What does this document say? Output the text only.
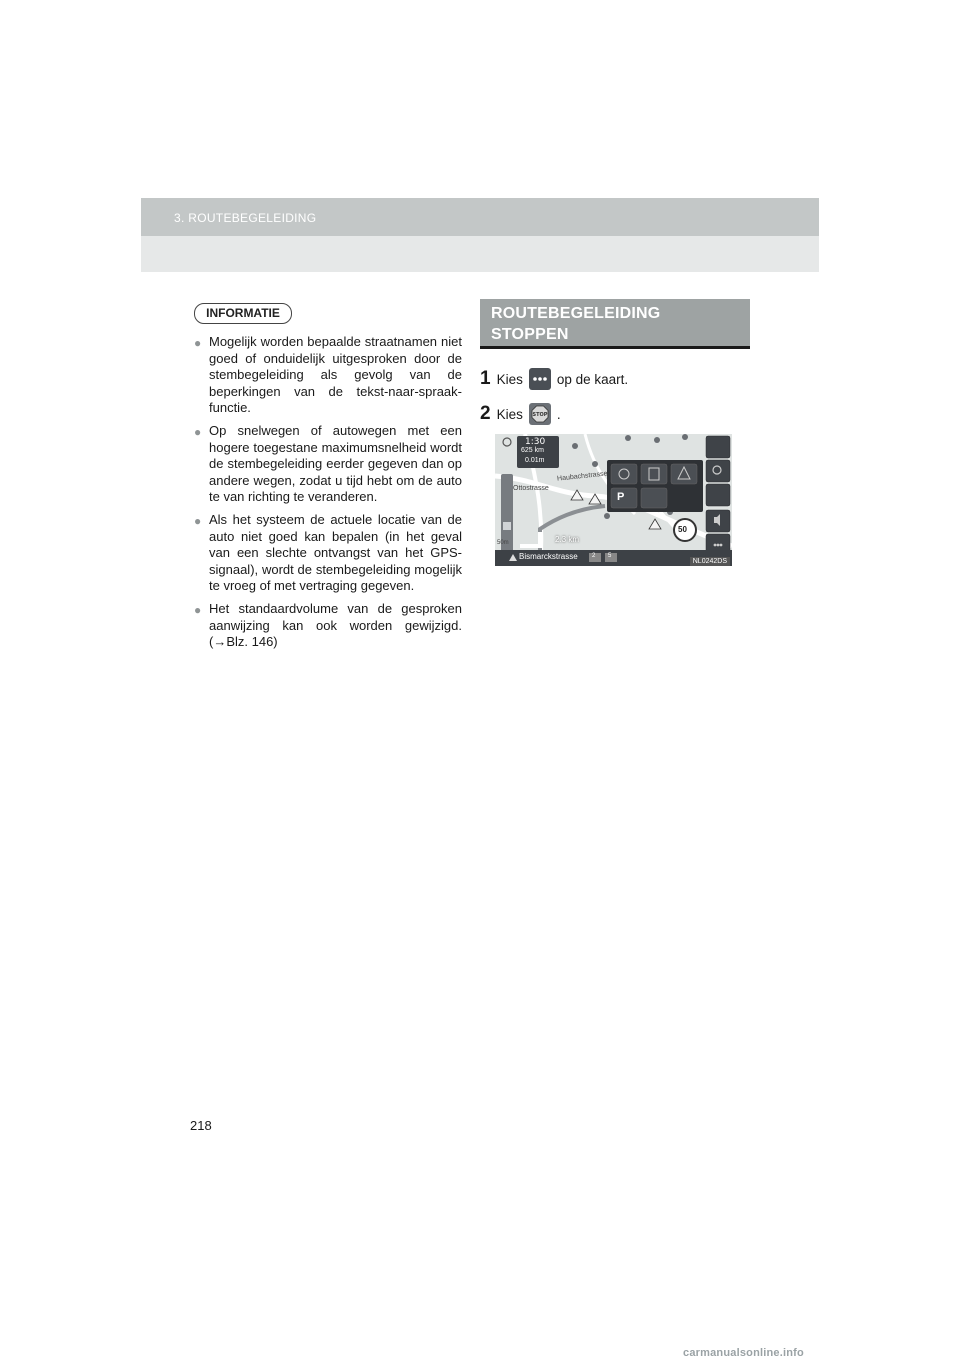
3. ROUTEBEGELEIDING
INFORMATIE
● Mogelijk worden bepaalde straatnamen niet goed of onduidelijk uitgesproken door de stembegeleiding als gevolg van de beperkingen van de tekst-naar-spraak-functie.
● Op snelwegen of autowegen met een hogere toegestane maximumsnelheid wordt de stembegeleiding eerder gegeven dan op andere wegen, zodat u tijd hebt om de auto te van richting te veranderen.
● Als het systeem de actuele locatie van de auto niet goed kan bepalen (in het geval van een slechte ontvangst van het GPS-signaal), wordt de stembegeleiding mogelijk te vroeg of met vertraging gegeven.
● Het standaardvolume van de gesproken aanwijzing kan ook worden gewijzigd. (→Blz. 146)
ROUTEBEGELEIDING
STOPPEN
1 Kies	op de kaart.
2 Kies STOP .
1:30
625 km
0.01m
Haubachstrasse
Ottostrasse
50m
P
50
2.3 km
Bismarckstrasse 2 5
NL0242DS
218
carmanualsonline.info
